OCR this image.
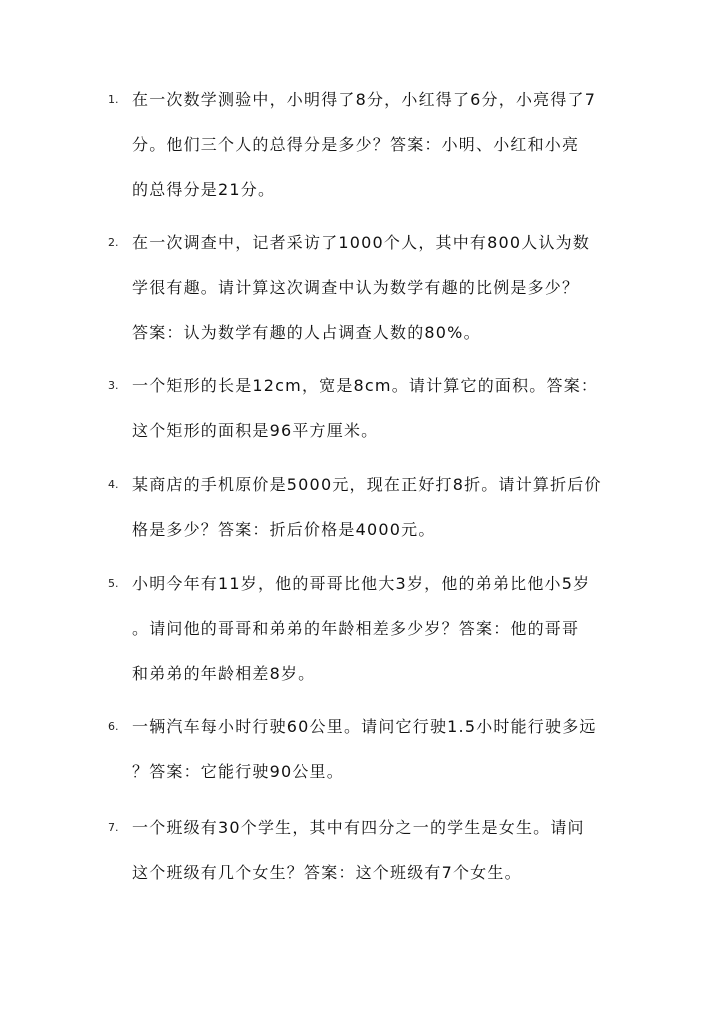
1. 在一次数学测验中，小明得了8分，小红得了6分，小亮得了7
分。他们三个人的总得分是多少？答案：小明、小红和小亮
的总得分是21分。
2. 在一次调查中，记者采访了1000个人，其中有800人认为数
学很有趣。请计算这次调查中认为数学有趣的比例是多少？
答案：认为数学有趣的人占调查人数的80%。
3. 一个矩形的长是12cm，宽是8cm。请计算它的面积。答案：
这个矩形的面积是96平方厘米。
4. 某商店的手机原价是5000元，现在正好打8折。请计算折后价
格是多少？答案：折后价格是4000元。
5. 小明今年有11岁，他的哥哥比他大3岁，他的弟弟比他小5岁
。请问他的哥哥和弟弟的年龄相差多少岁？答案：他的哥哥
和弟弟的年龄相差8岁。
6. 一辆汽车每小时行驶60公里。请问它行驶1.5小时能行驶多远
？答案：它能行驶90公里。
7. 一个班级有30个学生，其中有四分之一的学生是女生。请问
这个班级有几个女生？答案：这个班级有7个女生。
